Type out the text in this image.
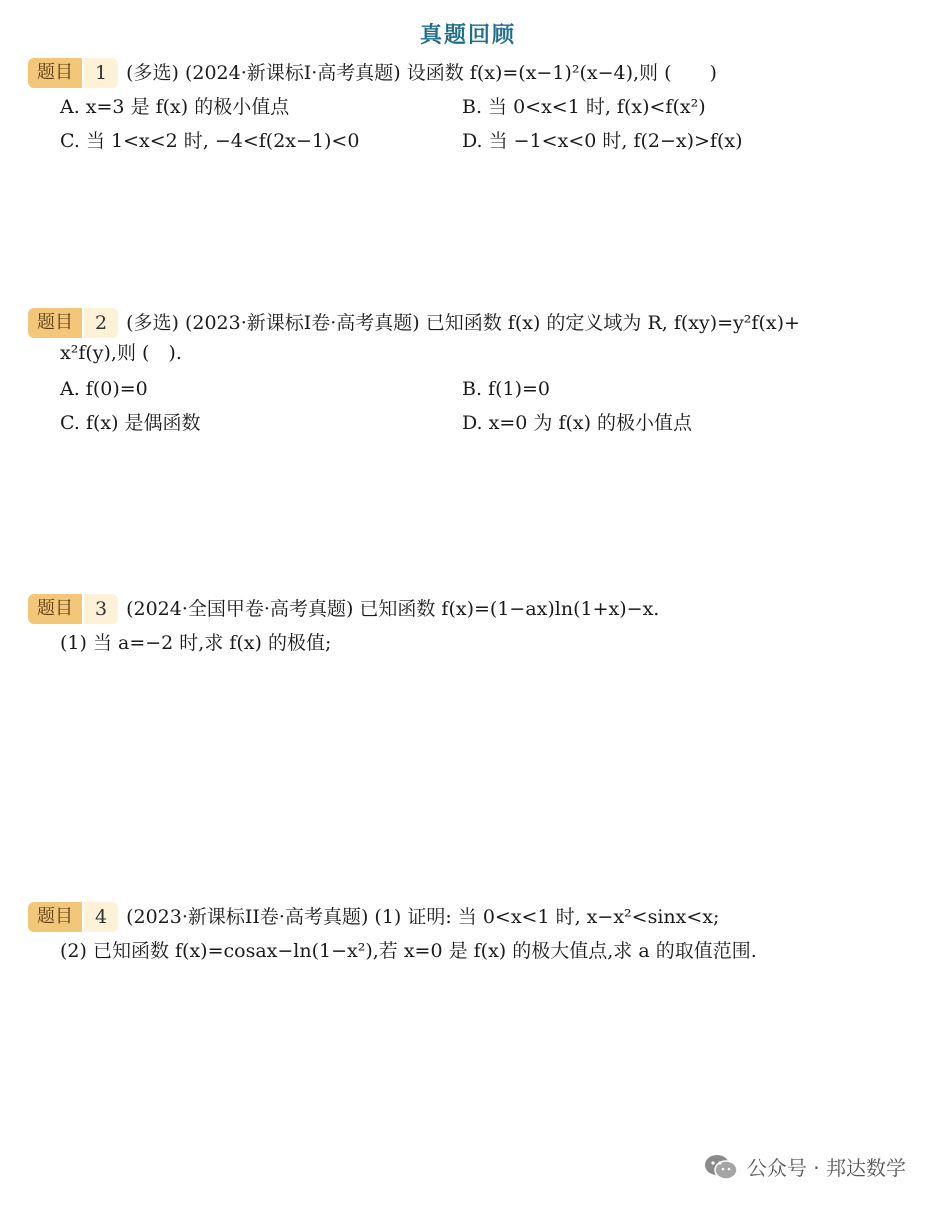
真题回顾
题目	1	(多选) (2024·新课标I·高考真题) 设函数 f(x)=(x−1)²(x−4),则 (　　)
A. x=3 是 f(x) 的极小值点	B. 当 0<x<1 时, f(x)<f(x²)
C. 当 1<x<2 时, −4<f(2x−1)<0	D. 当 −1<x<0 时, f(2−x)>f(x)
题目	2	(多选) (2023·新课标I卷·高考真题) 已知函数 f(x) 的定义域为 R, f(xy)=y²f(x)+
x²f(y),则 (　).
A. f(0)=0	B. f(1)=0
C. f(x) 是偶函数	D. x=0 为 f(x) 的极小值点
题目	3	(2024·全国甲卷·高考真题) 已知函数 f(x)=(1−ax)ln(1+x)−x.
(1) 当 a=−2 时,求 f(x) 的极值;
题目	4	(2023·新课标II卷·高考真题) (1) 证明: 当 0<x<1 时, x−x²<sinx<x;
(2) 已知函数 f(x)=cosax−ln(1−x²),若 x=0 是 f(x) 的极大值点,求 a 的取值范围.
公众号 · 邦达数学
